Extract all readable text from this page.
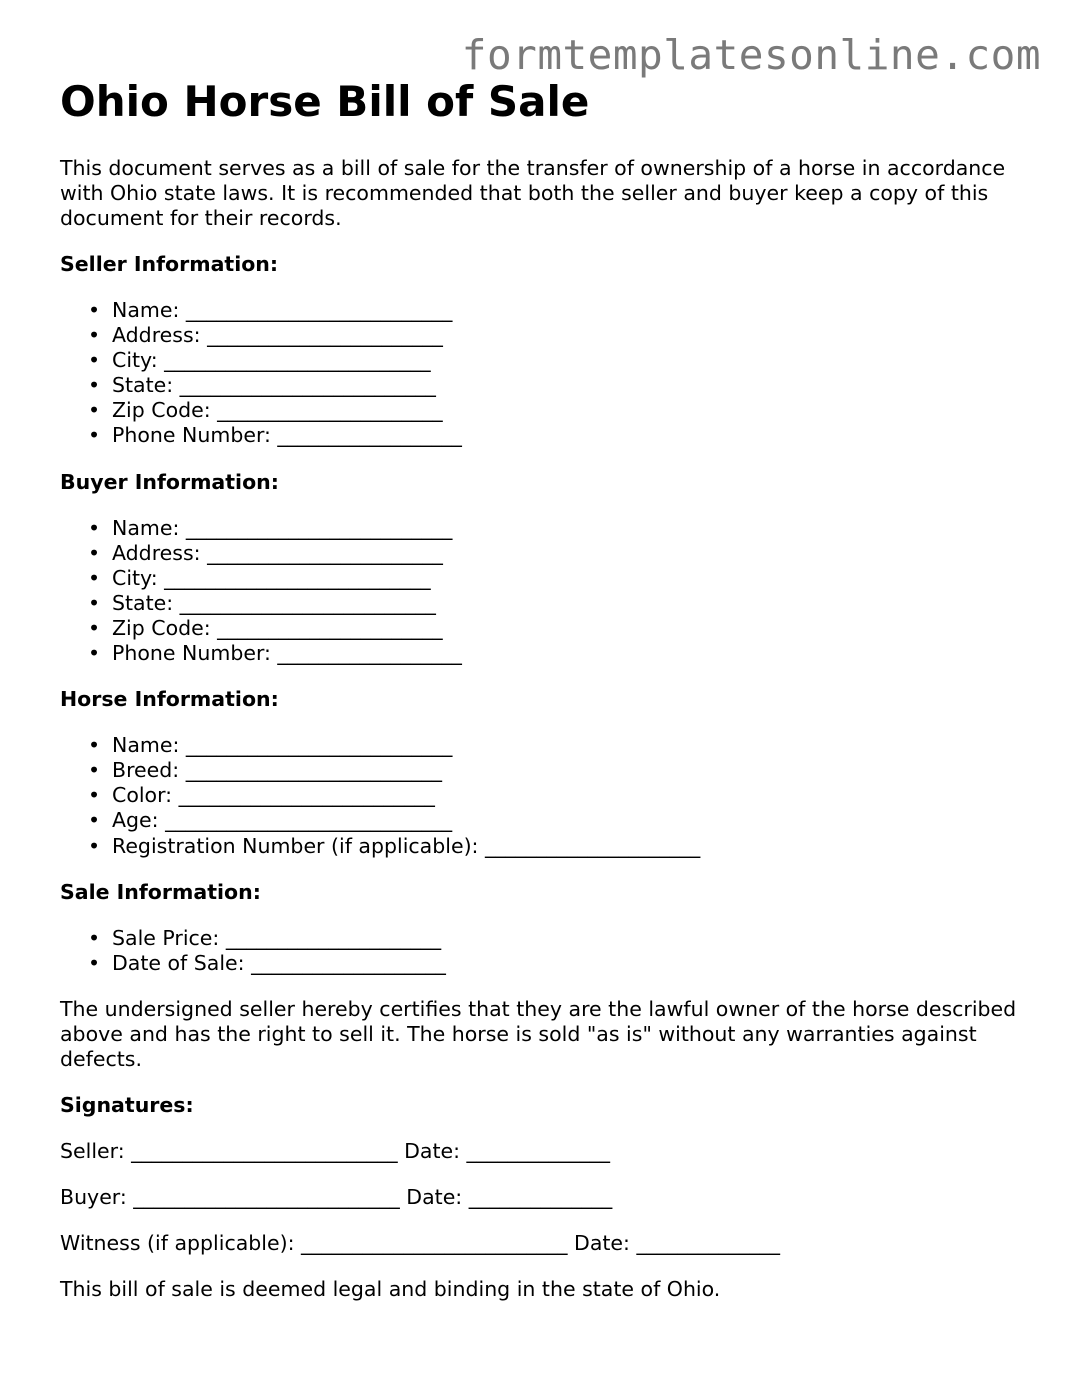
formtemplatesonline.com
Ohio Horse Bill of Sale

This document serves as a bill of sale for the transfer of ownership of a horse in accordance with Ohio state laws. It is recommended that both the seller and buyer keep a copy of this document for their records.

Seller Information:

• Name: __________________________
• Address: _______________________
• City: __________________________
• State: _________________________
• Zip Code: ______________________
• Phone Number: __________________

Buyer Information:

• Name: __________________________
• Address: _______________________
• City: __________________________
• State: _________________________
• Zip Code: ______________________
• Phone Number: __________________

Horse Information:

• Name: __________________________
• Breed: _________________________
• Color: _________________________
• Age: ____________________________
• Registration Number (if applicable): _____________________

Sale Information:

• Sale Price: _____________________
• Date of Sale: ___________________

The undersigned seller hereby certifies that they are the lawful owner of the horse described above and has the right to sell it. The horse is sold "as is" without any warranties against defects.

Signatures:

Seller: __________________________ Date: ______________

Buyer: __________________________ Date: ______________

Witness (if applicable): __________________________ Date: ______________

This bill of sale is deemed legal and binding in the state of Ohio.
